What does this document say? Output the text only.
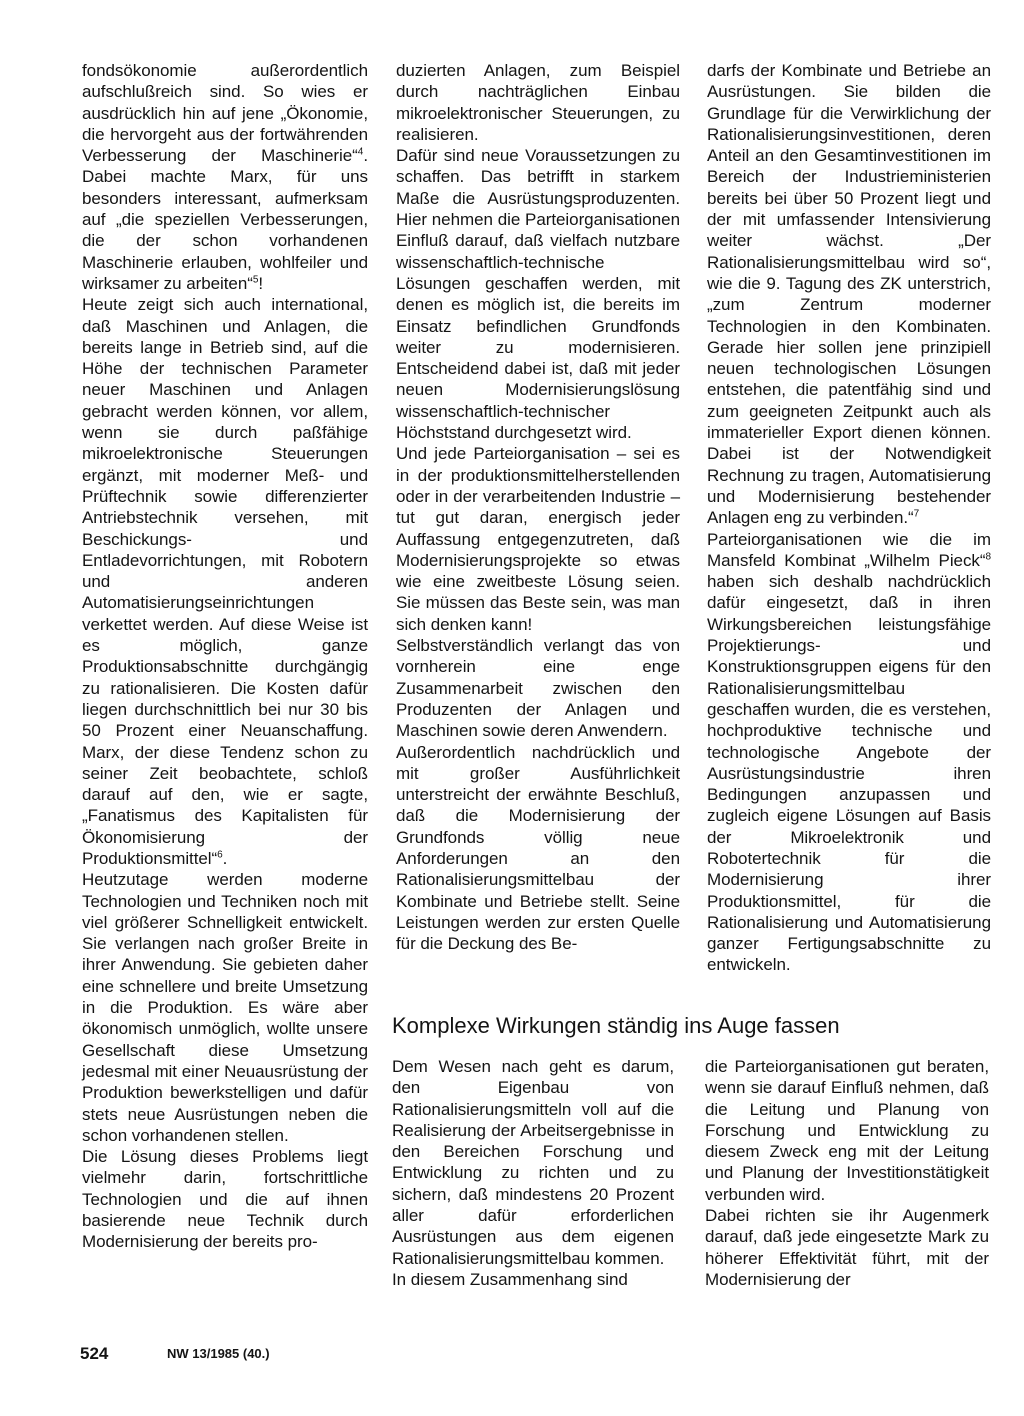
fondsökonomie außerordentlich aufschlußreich sind. So wies er ausdrücklich hin auf jene „Ökonomie, die hervorgeht aus der fortwährenden Verbesserung der Maschinerie“$^4$. Dabei machte Marx, für uns besonders interessant, aufmerksam auf „die speziellen Verbesserungen, die der schon vorhandenen Maschinerie erlauben, wohlfeiler und wirksamer zu arbeiten“$^5$!

Heute zeigt sich auch international, daß Maschinen und Anlagen, die bereits lange in Betrieb sind, auf die Höhe der technischen Parameter neuer Maschinen und Anlagen gebracht werden können, vor allem, wenn sie durch paßfähige mikroelektronische Steuerungen ergänzt, mit moderner Meß- und Prüftechnik sowie differenzierter Antriebstechnik versehen, mit Beschickungs- und Entladevorrichtungen, mit Robotern und anderen Automatisierungseinrichtungen verkettet werden. Auf diese Weise ist es möglich, ganze Produktionsabschnitte durchgängig zu rationalisieren. Die Kosten dafür liegen durchschnittlich bei nur 30 bis 50 Prozent einer Neuanschaffung. Marx, der diese Tendenz schon zu seiner Zeit beobachtete, schloß darauf auf den, wie er sagte, „Fanatismus des Kapitalisten für Ökonomisierung der Produktionsmittel“$^6$.

Heutzutage werden moderne Technologien und Techniken noch mit viel größerer Schnelligkeit entwickelt. Sie verlangen nach großer Breite in ihrer Anwendung. Sie gebieten daher eine schnellere und breite Umsetzung in die Produktion. Es wäre aber ökonomisch unmöglich, wollte unsere Gesellschaft diese Umsetzung jedesmal mit einer Neuausrüstung der Produktion bewerkstelligen und dafür stets neue Ausrüstungen neben die schon vorhandenen stellen.

Die Lösung dieses Problems liegt vielmehr darin, fortschrittliche Technologien und die auf ihnen basierende neue Technik durch Modernisierung der bereits pro-

duzierten Anlagen, zum Beispiel durch nachträglichen Einbau mikroelektronischer Steuerungen, zu realisieren.

Dafür sind neue Voraussetzungen zu schaffen. Das betrifft in starkem Maße die Ausrüstungsproduzenten. Hier nehmen die Parteiorganisationen Einfluß darauf, daß vielfach nutzbare wissenschaftlich-technische Lösungen geschaffen werden, mit denen es möglich ist, die bereits im Einsatz befindlichen Grundfonds weiter zu modernisieren. Entscheidend dabei ist, daß mit jeder neuen Modernisierungslösung wissenschaftlich-technischer Höchststand durchgesetzt wird.

Und jede Parteiorganisation – sei es in der produktionsmittelherstellenden oder in der verarbeitenden Industrie – tut gut daran, energisch jeder Auffassung entgegenzutreten, daß Modernisierungsprojekte so etwas wie eine zweitbeste Lösung seien. Sie müssen das Beste sein, was man sich denken kann!

Selbstverständlich verlangt das von vornherein eine enge Zusammenarbeit zwischen den Produzenten der Anlagen und Maschinen sowie deren Anwendern.

Außerordentlich nachdrücklich und mit großer Ausführlichkeit unterstreicht der erwähnte Beschluß, daß die Modernisierung der Grundfonds völlig neue Anforderungen an den Rationalisierungsmittelbau der Kombinate und Betriebe stellt. Seine Leistungen werden zur ersten Quelle für die Deckung des Be-

darfs der Kombinate und Betriebe an Ausrüstungen. Sie bilden die Grundlage für die Verwirklichung der Rationalisierungsinvestitionen, deren Anteil an den Gesamtinvestitionen im Bereich der Industrieministerien bereits bei über 50 Prozent liegt und der mit umfassender Intensivierung weiter wächst. „Der Rationalisierungsmittelbau wird so“, wie die 9. Tagung des ZK unterstrich, „zum Zentrum moderner Technologien in den Kombinaten. Gerade hier sollen jene prinzipiell neuen technologischen Lösungen entstehen, die patentfähig sind und zum geeigneten Zeitpunkt auch als immaterieller Export dienen können. Dabei ist der Notwendigkeit Rechnung zu tragen, Automatisierung und Modernisierung bestehender Anlagen eng zu verbinden.“$^7$

Parteiorganisationen wie die im Mansfeld Kombinat „Wilhelm Pieck“$^8$ haben sich deshalb nachdrücklich dafür eingesetzt, daß in ihren Wirkungsbereichen leistungsfähige Projektierungs- und Konstruktionsgruppen eigens für den Rationalisierungsmittelbau geschaffen wurden, die es verstehen, hochproduktive technische und technologische Angebote der Ausrüstungsindustrie ihren Bedingungen anzupassen und zugleich eigene Lösungen auf Basis der Mikroelektronik und Robotertechnik für die Modernisierung ihrer Produktionsmittel, für die Rationalisierung und Automatisierung ganzer Fertigungsabschnitte zu entwickeln.

Komplexe Wirkungen ständig ins Auge fassen

Dem Wesen nach geht es darum, den Eigenbau von Rationalisierungsmitteln voll auf die Realisierung der Arbeitsergebnisse in den Bereichen Forschung und Entwicklung zu richten und zu sichern, daß mindestens 20 Prozent aller dafür erforderlichen Ausrüstungen aus dem eigenen Rationalisierungsmittelbau kommen.

In diesem Zusammenhang sind

die Parteiorganisationen gut beraten, wenn sie darauf Einfluß nehmen, daß die Leitung und Planung von Forschung und Entwicklung zu diesem Zweck eng mit der Leitung und Planung der Investitionstätigkeit verbunden wird.

Dabei richten sie ihr Augenmerk darauf, daß jede eingesetzte Mark zu höherer Effektivität führt, mit der Modernisierung der

524	NW 13/1985 (40.)
